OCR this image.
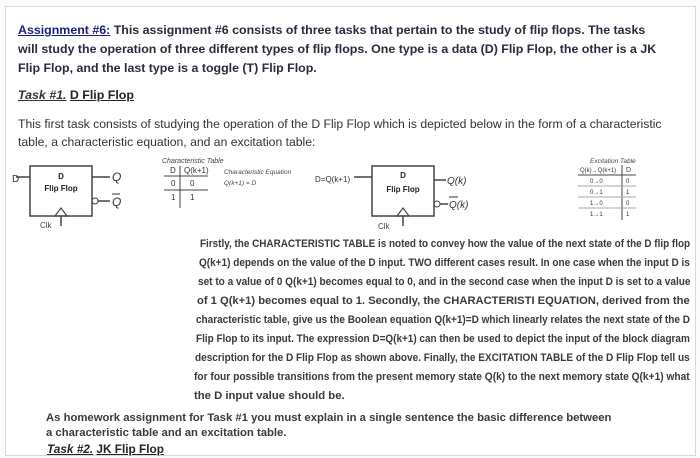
Assignment #6: This assignment #6 consists of three tasks that pertain to the study of flip flops. The tasks will study the operation of three different types of flip flops. One type is a data (D) Flip Flop, the other is a JK Flip Flop, and the last type is a toggle (T) Flip Flop.

Task #1. D Flip Flop

This first task consists of studying the operation of the D Flip Flop which is depicted below in the form of a characteristic table, a characteristic equation, and an excitation table:

D	D
Flip Flop
Q
Q
Clk
Characteristic Table
D Q(k+1)
0 0
1 1
Characteristic Equation
Q(k+1) = D	D=Q(k+1)	D
Flip Flop
Q(k)
Q(k)
Clk
Excitation Table
Q(k)→Q(k+1) D
0→0	0
0→1	1
1→0	0
1→1	1
Firstly, the CHARACTERISTIC TABLE is noted to convey how the value of the next state of the D flip flop
Q(k+1) depends on the value of the D input. TWO different cases result. In one case when the input D is
set to a value of 0 Q(k+1) becomes equal to 0, and in the second case when the input D is set to a value
of 1 Q(k+1) becomes equal to 1. Secondly, the CHARACTERISTI EQUATION, derived from the
characteristic table, give us the Boolean equation Q(k+1)=D which linearly relates the next state of the D
Flip Flop to its input. The expression D=Q(k+1) can then be used to depict the input of the block diagram
description for the D Flip Flop as shown above. Finally, the EXCITATION TABLE of the D Flip Flop tell us
for four possible transitions from the present memory state Q(k) to the next memory state Q(k+1) what
the D input value should be.
As homework assignment for Task #1 you must explain in a single sentence the basic difference between
a characteristic table and an excitation table.

Task #2. JK Flip Flop
